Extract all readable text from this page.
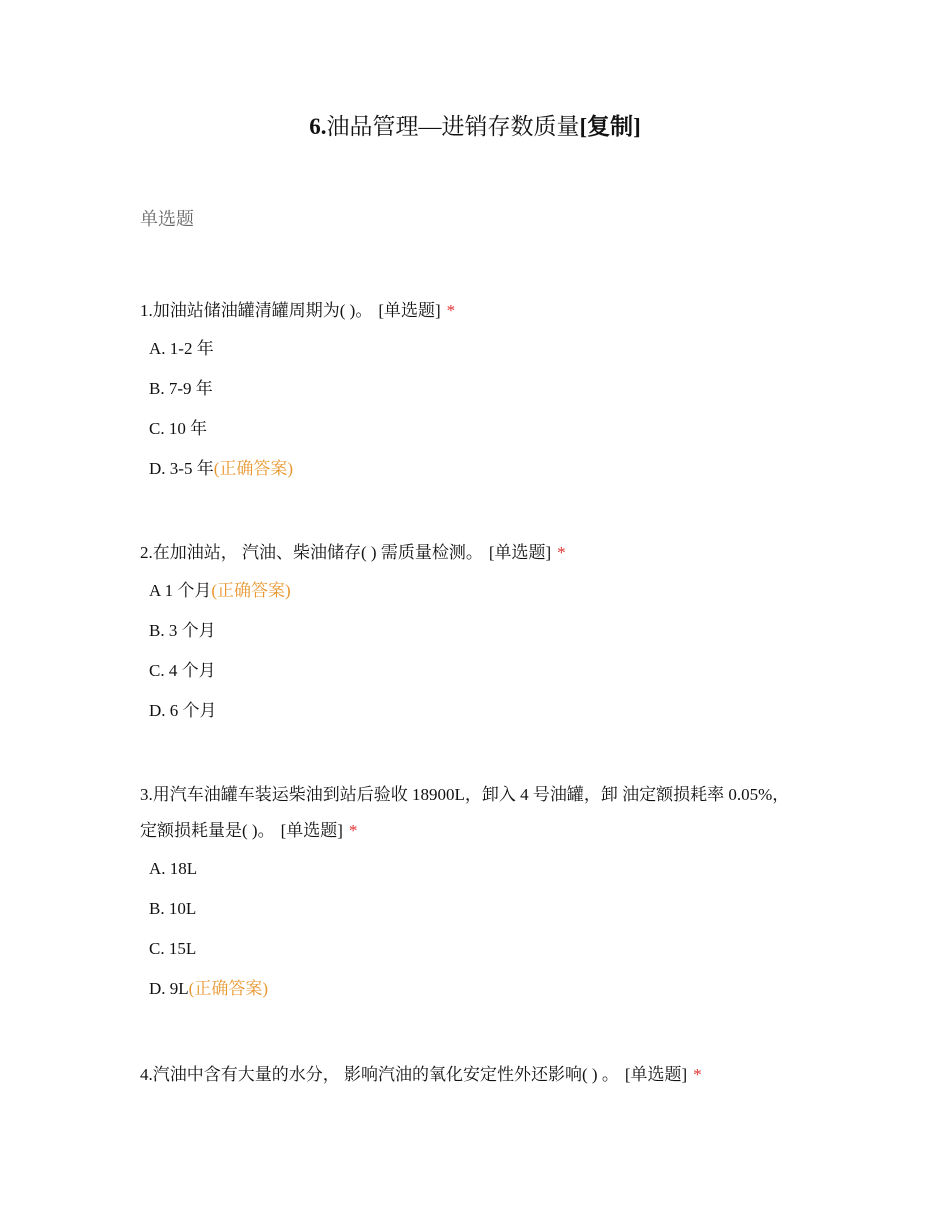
6.油品管理—进销存数质量[复制]
单选题

1.加油站储油罐清罐周期为( )。 [单选题] *

A. 1-2 年
B. 7-9 年
C. 10 年
D. 3-5 年(正确答案)

2.在加油站， 汽油、柴油储存( ) 需质量检测。 [单选题] *

A 1 个月(正确答案)
B. 3 个月
C. 4 个月
D. 6 个月

3.用汽车油罐车装运柴油到站后验收 18900L，卸入 4 号油罐，卸 油定额损耗率 0.05%，定额损耗量是( )。 [单选题] *

A. 18L
B. 10L
C. 15L
D. 9L(正确答案)

4.汽油中含有大量的水分， 影响汽油的氧化安定性外还影响( ) 。 [单选题] *
